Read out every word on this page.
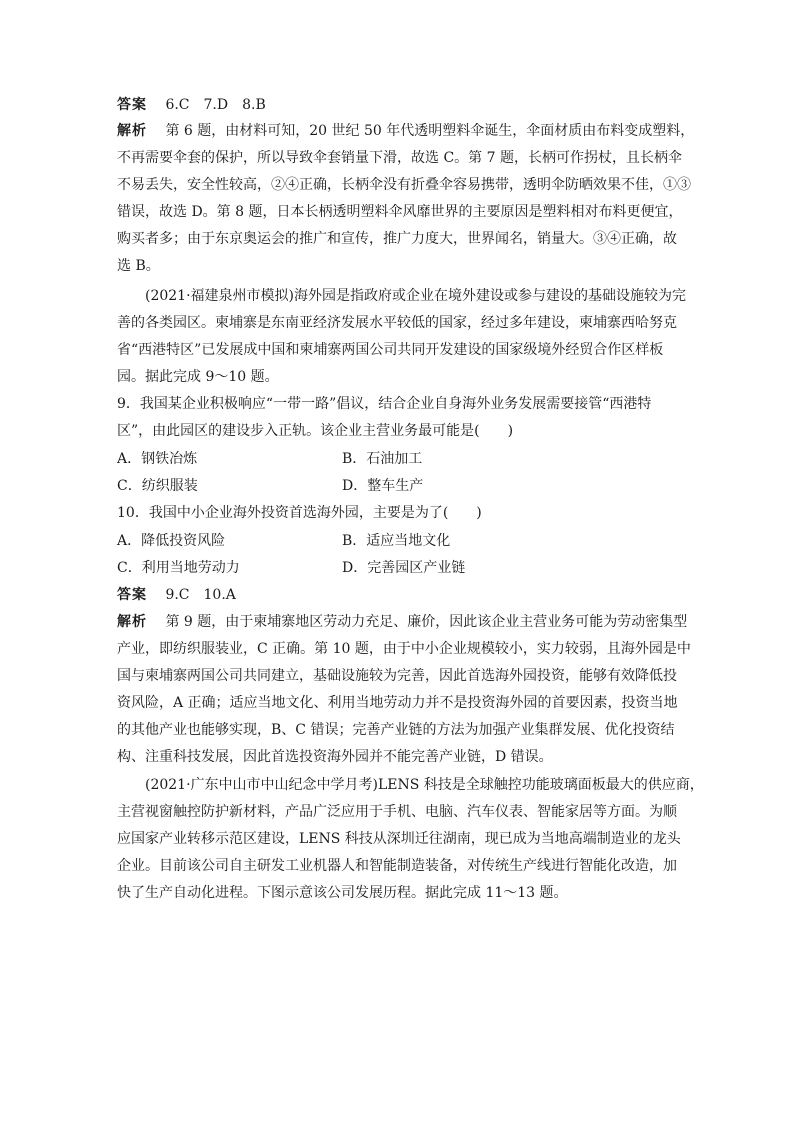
答案　 6.C　7.D　8.B
解析　 第 6 题，由材料可知，20 世纪 50 年代透明塑料伞诞生，伞面材质由布料变成塑料，
不再需要伞套的保护，所以导致伞套销量下滑，故选 C。第 7 题，长柄可作拐杖，且长柄伞
不易丢失，安全性较高，②④正确，长柄伞没有折叠伞容易携带，透明伞防晒效果不佳，①③
错误，故选 D。第 8 题，日本长柄透明塑料伞风靡世界的主要原因是塑料相对布料更便宜，
购买者多；由于东京奥运会的推广和宣传，推广力度大，世界闻名，销量大。③④正确，故
选 B。
(2021·福建泉州市模拟)海外园是指政府或企业在境外建设或参与建设的基础设施较为完
善的各类园区。柬埔寨是东南亚经济发展水平较低的国家，经过多年建设，柬埔寨西哈努克
省“西港特区”已发展成中国和柬埔寨两国公司共同开发建设的国家级境外经贸合作区样板
园。据此完成 9～10 题。
9．我国某企业积极响应“一带一路”倡议，结合企业自身海外业务发展需要接管“西港特
区”，由此园区的建设步入正轨。该企业主营业务最可能是(　　)
A．钢铁冶炼	B．石油加工
C．纺织服装	D．整车生产
10．我国中小企业海外投资首选海外园，主要是为了(　　)
A．降低投资风险	B．适应当地文化
C．利用当地劳动力	D．完善园区产业链
答案　 9.C　10.A
解析　 第 9 题，由于柬埔寨地区劳动力充足、廉价，因此该企业主营业务可能为劳动密集型
产业，即纺织服装业，C 正确。第 10 题，由于中小企业规模较小，实力较弱，且海外园是中
国与柬埔寨两国公司共同建立，基础设施较为完善，因此首选海外园投资，能够有效降低投
资风险，A 正确；适应当地文化、利用当地劳动力并不是投资海外园的首要因素，投资当地
的其他产业也能够实现，B、C 错误；完善产业链的方法为加强产业集群发展、优化投资结
构、注重科技发展，因此首选投资海外园并不能完善产业链，D 错误。
(2021·广东中山市中山纪念中学月考)LENS 科技是全球触控功能玻璃面板最大的供应商，
主营视窗触控防护新材料，产品广泛应用于手机、电脑、汽车仪表、智能家居等方面。为顺
应国家产业转移示范区建设，LENS 科技从深圳迁往湖南，现已成为当地高端制造业的龙头
企业。目前该公司自主研发工业机器人和智能制造装备，对传统生产线进行智能化改造，加
快了生产自动化进程。下图示意该公司发展历程。据此完成 11～13 题。
